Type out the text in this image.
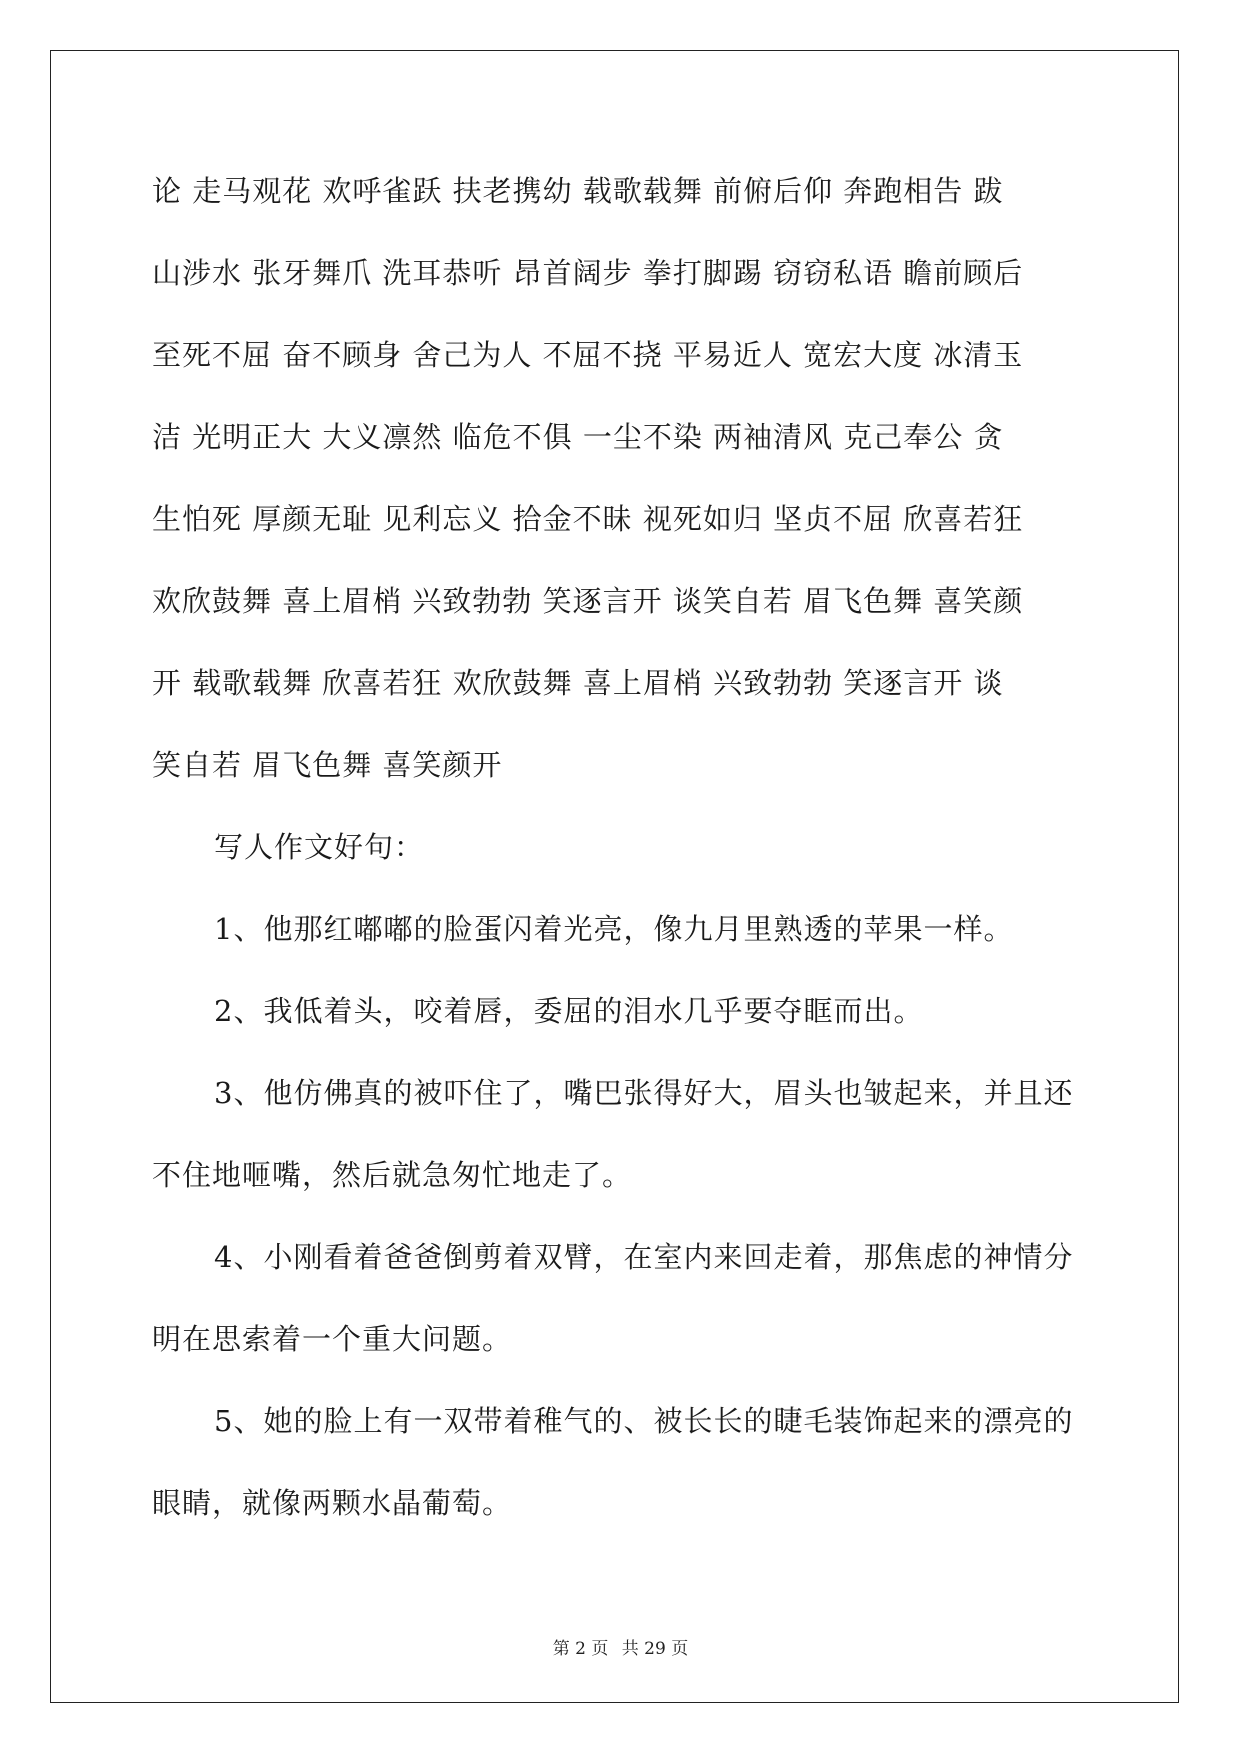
论 走马观花 欢呼雀跃 扶老携幼 载歌载舞 前俯后仰 奔跑相告 跋
山涉水 张牙舞爪 洗耳恭听 昂首阔步 拳打脚踢 窃窃私语 瞻前顾后
至死不屈 奋不顾身 舍己为人 不屈不挠 平易近人 宽宏大度 冰清玉
洁 光明正大 大义凛然 临危不俱 一尘不染 两袖清风 克己奉公 贪
生怕死 厚颜无耻 见利忘义 拾金不昧 视死如归 坚贞不屈 欣喜若狂
欢欣鼓舞 喜上眉梢 兴致勃勃 笑逐言开 谈笑自若 眉飞色舞 喜笑颜
开 载歌载舞 欣喜若狂 欢欣鼓舞 喜上眉梢 兴致勃勃 笑逐言开 谈
笑自若 眉飞色舞 喜笑颜开
写人作文好句：
1、他那红嘟嘟的脸蛋闪着光亮，像九月里熟透的苹果一样。
2、我低着头，咬着唇，委屈的泪水几乎要夺眶而出。
3、他仿佛真的被吓住了，嘴巴张得好大，眉头也皱起来，并且还
不住地咂嘴，然后就急匆忙地走了。
4、小刚看着爸爸倒剪着双臂，在室内来回走着，那焦虑的神情分
明在思索着一个重大问题。
5、她的脸上有一双带着稚气的、被长长的睫毛装饰起来的漂亮的
眼睛，就像两颗水晶葡萄。
第 2 页 共 29 页
